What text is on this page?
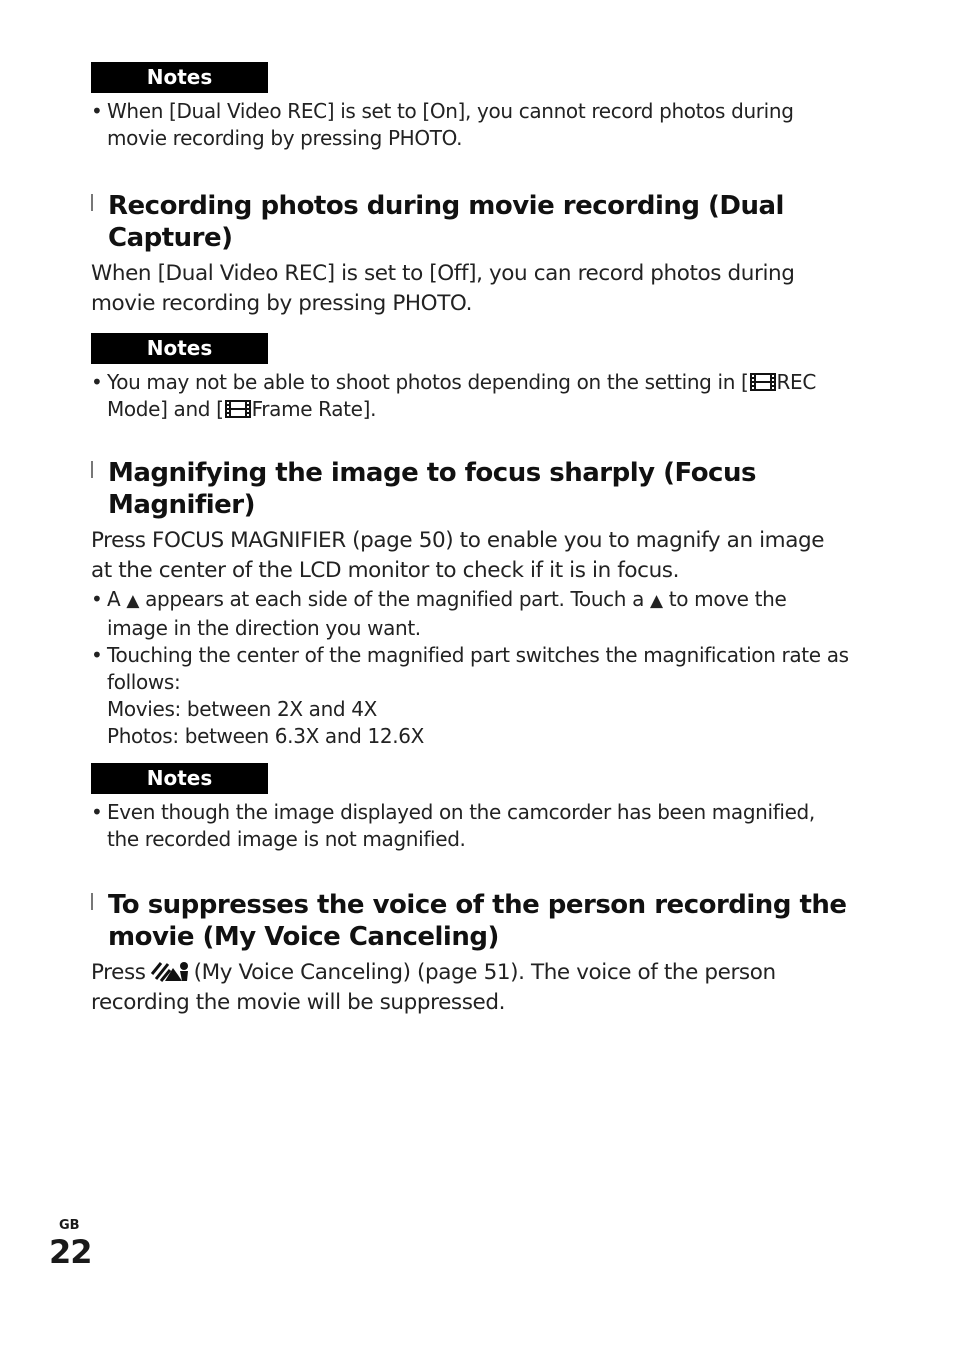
Notes
• When [Dual Video REC] is set to [On], you cannot record photos during movie recording by pressing PHOTO.
Recording photos during movie recording (Dual Capture)

When [Dual Video REC] is set to [Off], you can record photos during movie recording by pressing PHOTO.

Notes
• You may not be able to shoot photos depending on the setting in [ REC Mode] and [ Frame Rate].
Magnifying the image to focus sharply (Focus Magnifier)

Press FOCUS MAGNIFIER (page 50) to enable you to magnify an image at the center of the LCD monitor to check if it is in focus.

• A ▲ appears at each side of the magnified part. Touch a ▲ to move the image in the direction you want.
• Touching the center of the magnified part switches the magnification rate as follows:
Movies: between 2X and 4X
Photos: between 6.3X and 12.6X
Notes
• Even though the image displayed on the camcorder has been magnified, the recorded image is not magnified.
To suppresses the voice of the person recording the movie (My Voice Canceling)

Press (My Voice Canceling) (page 51). The voice of the person recording the movie will be suppressed.

GB
22
